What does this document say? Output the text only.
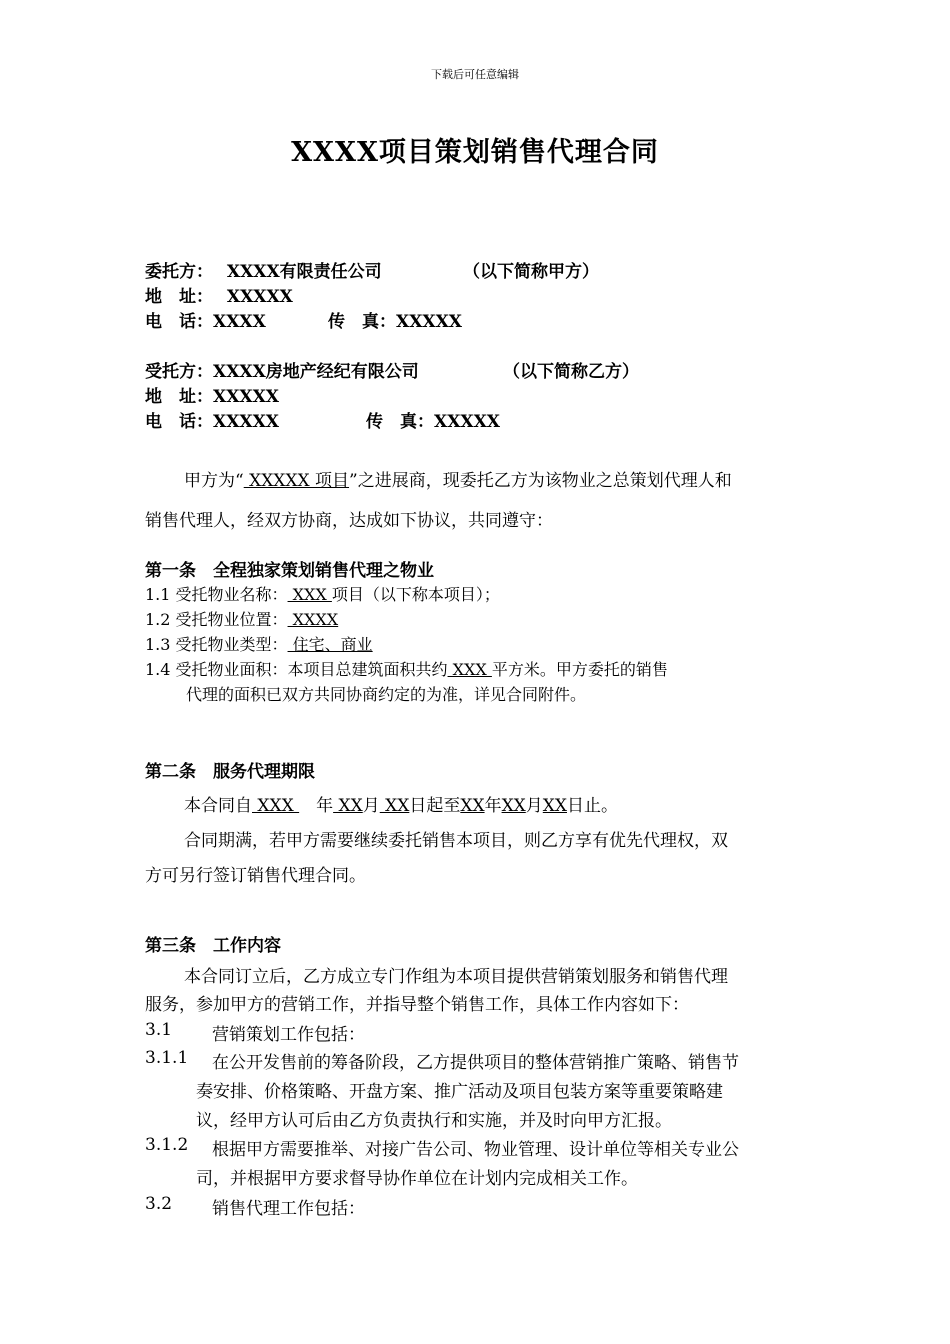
下载后可任意编辑
XXXX项目策划销售代理合同
委托方： XXXX有限责任公司	（以下简称甲方）
地　址： XXXXX
电　话：XXXX	传　真：XXXXX
受托方：XXXX房地产经纪有限公司	（以下简称乙方）
地　址：XXXXX
电　话：XXXXX	传　真：XXXXX
甲方为“ XXXXX 项目”之进展商，现委托乙方为该物业之总策划代理人和
销售代理人，经双方协商，达成如下协议，共同遵守：
第一条　全程独家策划销售代理之物业
1.1 受托物业名称： XXX 项目（以下称本项目）；
1.2 受托物业位置： XXXX
1.3 受托物业类型： 住宅、商业
1.4 受托物业面积：本项目总建筑面积共约 XXX 平方米。甲方委托的销售
代理的面积已双方共同协商约定的为准，详见合同附件。
第二条　服务代理期限
本合同自 XXX 　年 XX月 XX日起至XX年XX月XX日止。
合同期满，若甲方需要继续委托销售本项目，则乙方享有优先代理权，双
方可另行签订销售代理合同。
第三条　工作内容
本合同订立后，乙方成立专门作组为本项目提供营销策划服务和销售代理
服务，参加甲方的营销工作，并指导整个销售工作，具体工作内容如下：
3.1 营销策划工作包括：
3.1.1 在公开发售前的筹备阶段，乙方提供项目的整体营销推广策略、销售节
奏安排、价格策略、开盘方案、推广活动及项目包装方案等重要策略建
议，经甲方认可后由乙方负责执行和实施，并及时向甲方汇报。
3.1.2 根据甲方需要推举、对接广告公司、物业管理、设计单位等相关专业公
司，并根据甲方要求督导协作单位在计划内完成相关工作。
3.2 销售代理工作包括：
